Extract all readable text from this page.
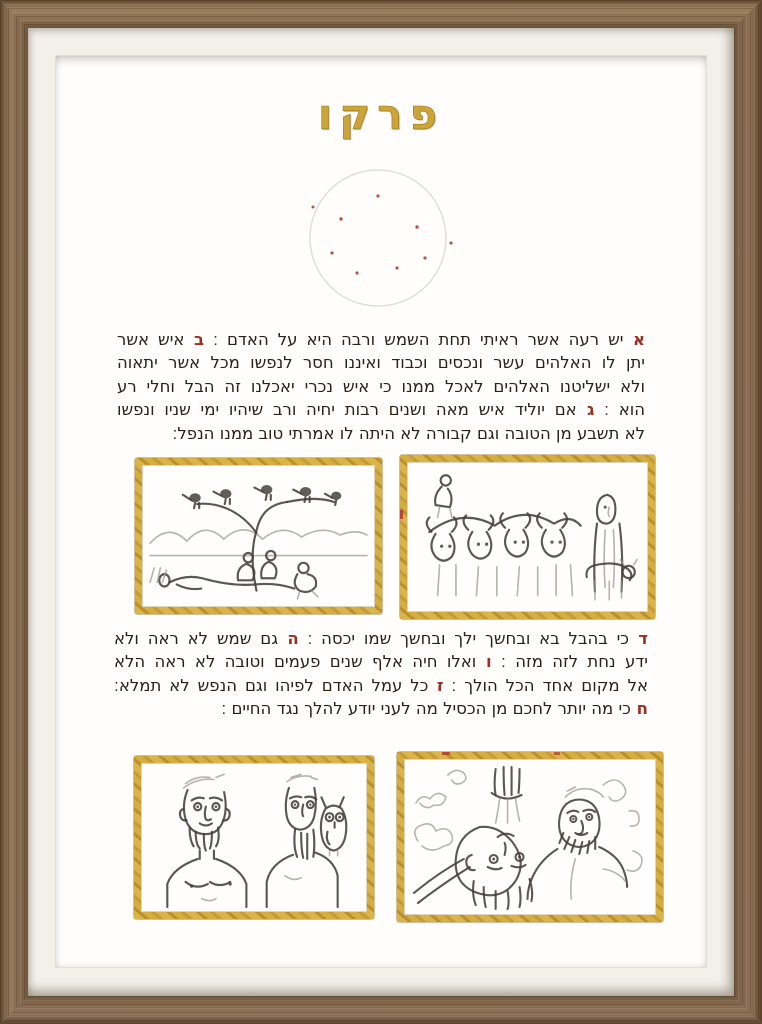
פרקו
א יש רעה אשר ראיתי תחת השמש ורבה היא על האדם ׃ ב איש אשר
יתן לו האלהים עשר ונכסים וכבוד ואיננו חסר לנפשו מכל אשר יתאוה
ולא ישליטנו האלהים לאכל ממנו כי איש נכרי יאכלנו זה הבל וחלי רע
הוא ׃ ג אם יוליד איש מאה ושנים רבות יחיה ורב שיהיו ימי שניו ונפשו
לא תשבע מן הטובה וגם קבורה לא היתה לו אמרתי טוב ממנו הנפל׃
ד כי בהבל בא ובחשך ילך ובחשך שמו יכסה ׃ ה גם שמש לא ראה ולא
ידע נחת לזה מזה ׃ ו ואלו חיה אלף שנים פעמים וטובה לא ראה הלא
אל מקום אחד הכל הולך ׃ ז כל עמל האדם לפיהו וגם הנפש לא תמלא׃
ח כי מה יותר לחכם מן הכסיל מה לעני יודע להלך נגד החיים ׃
